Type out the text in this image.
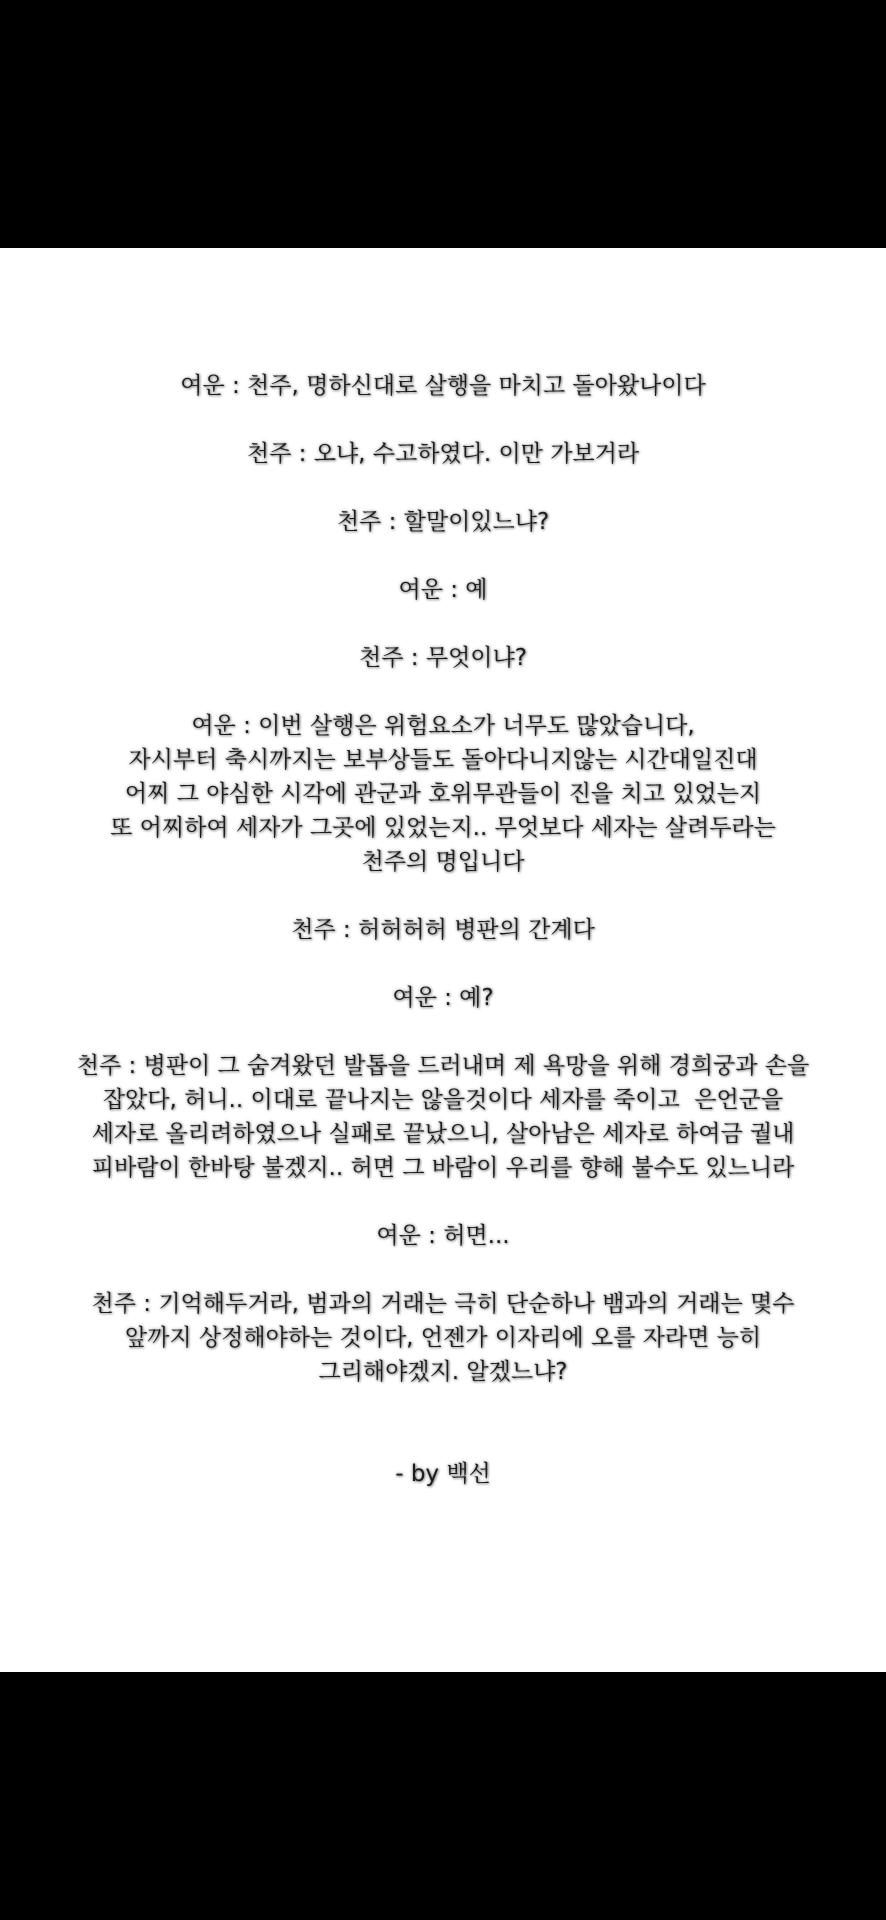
여운 : 천주, 명하신대로 살행을 마치고 돌아왔나이다
천주 : 오냐, 수고하였다. 이만 가보거라
천주 : 할말이있느냐?
여운 : 예
천주 : 무엇이냐?
여운 : 이번 살행은 위험요소가 너무도 많았습니다,
자시부터 축시까지는 보부상들도 돌아다니지않는 시간대일진대
어찌 그 야심한 시각에 관군과 호위무관들이 진을 치고 있었는지
또 어찌하여 세자가 그곳에 있었는지.. 무엇보다 세자는 살려두라는
천주의 명입니다
천주 : 허허허허 병판의 간계다
여운 : 예?
천주 : 병판이 그 숨겨왔던 발톱을 드러내며 제 욕망을 위해 경희궁과 손을
잡았다, 허니.. 이대로 끝나지는 않을것이다 세자를 죽이고  은언군을
세자로 올리려하였으나 실패로 끝났으니, 살아남은 세자로 하여금 궐내
피바람이 한바탕 불겠지.. 허면 그 바람이 우리를 향해 불수도 있느니라
여운 : 허면...
천주 : 기억해두거라, 범과의 거래는 극히 단순하나 뱀과의 거래는 몇수
앞까지 상정해야하는 것이다, 언젠가 이자리에 오를 자라면 능히
그리해야겠지. 알겠느냐?
- by 백선
